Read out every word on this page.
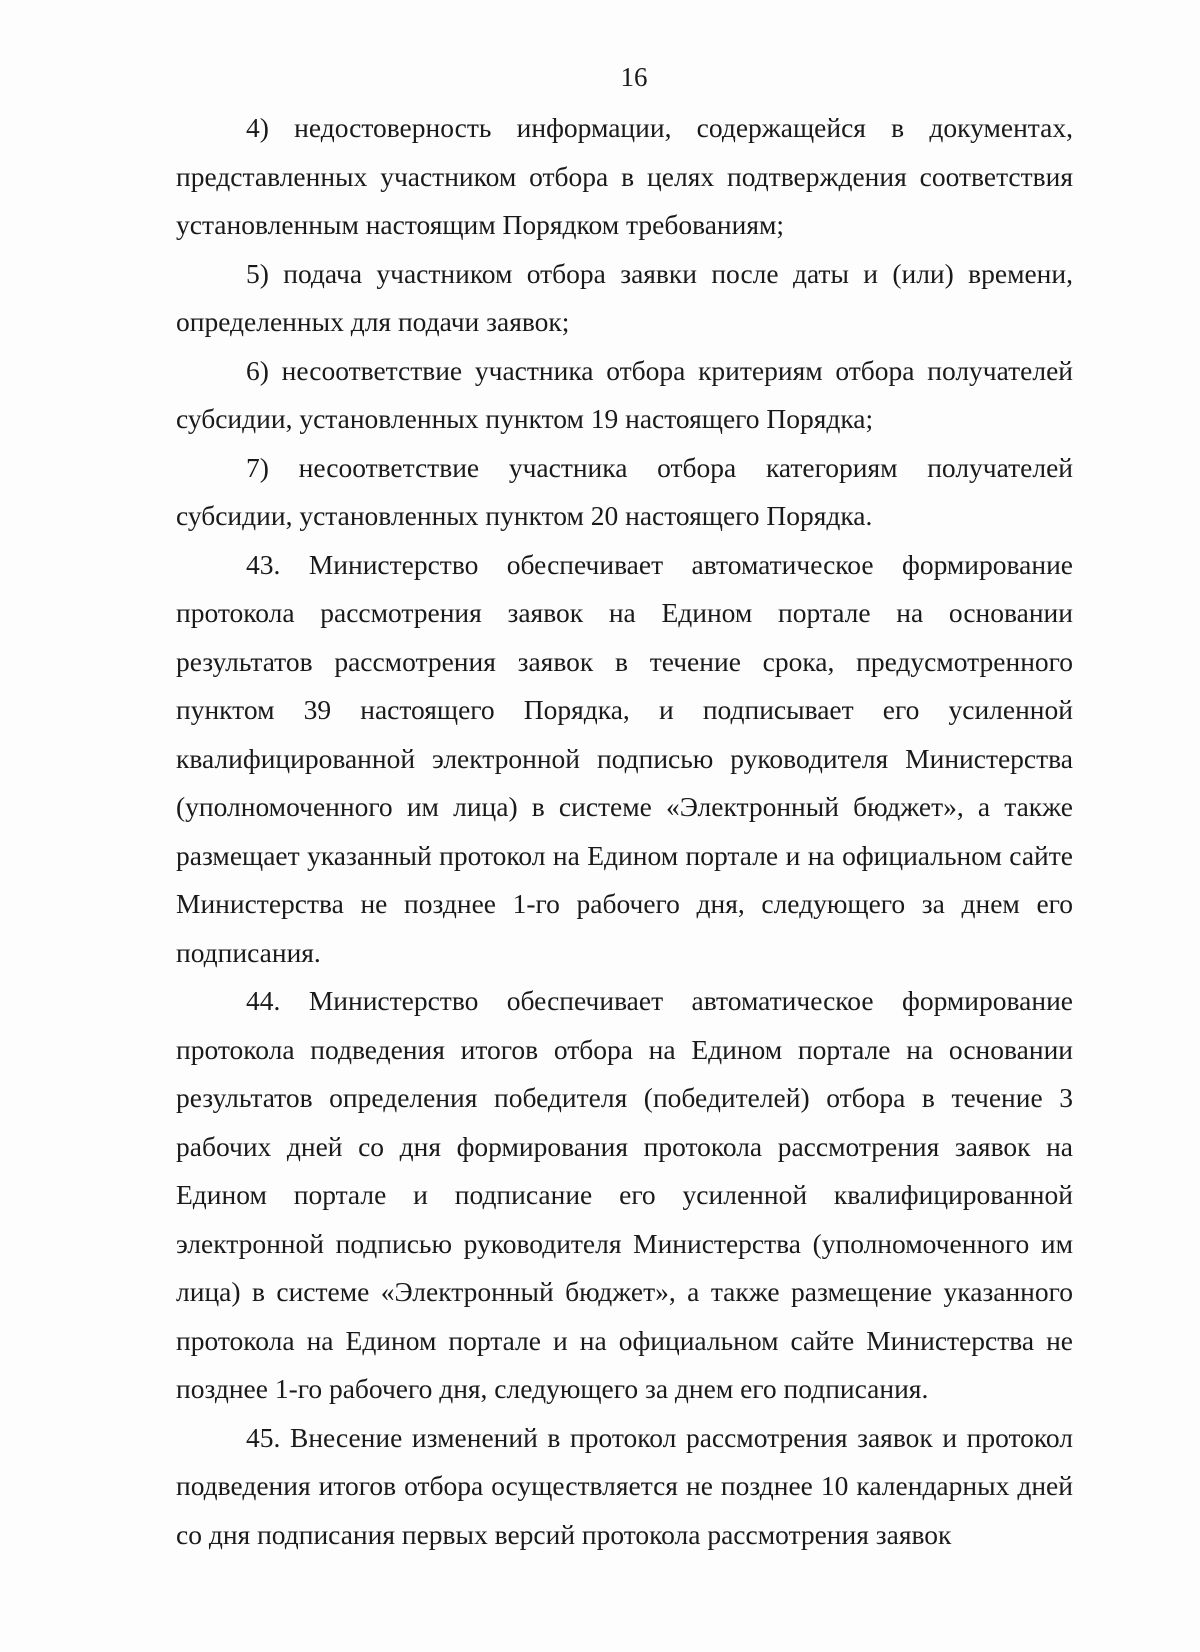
16

4) недостоверность информации, содержащейся в документах, представленных участником отбора в целях подтверждения соответствия установленным настоящим Порядком требованиям;

5) подача участником отбора заявки после даты и (или) времени, определенных для подачи заявок;

6) несоответствие участника отбора критериям отбора получателей субсидии, установленных пунктом 19 настоящего Порядка;

7) несоответствие участника отбора категориям получателей субсидии, установленных пунктом 20 настоящего Порядка.

43. Министерство обеспечивает автоматическое формирование протокола рассмотрения заявок на Едином портале на основании результатов рассмотрения заявок в течение срока, предусмотренного пунктом 39 настоящего Порядка, и подписывает его усиленной квалифицированной электронной подписью руководителя Министерства (уполномоченного им лица) в системе «Электронный бюджет», а также размещает указанный протокол на Едином портале и на официальном сайте Министерства не позднее 1-го рабочего дня, следующего за днем его подписания.

44. Министерство обеспечивает автоматическое формирование протокола подведения итогов отбора на Едином портале на основании результатов определения победителя (победителей) отбора в течение 3 рабочих дней со дня формирования протокола рассмотрения заявок на Едином портале и подписание его усиленной квалифицированной электронной подписью руководителя Министерства (уполномоченного им лица) в системе «Электронный бюджет», а также размещение указанного протокола на Едином портале и на официальном сайте Министерства не позднее 1-го рабочего дня, следующего за днем его подписания.

45. Внесение изменений в протокол рассмотрения заявок и протокол подведения итогов отбора осуществляется не позднее 10 календарных дней со дня подписания первых версий протокола рассмотрения заявок
